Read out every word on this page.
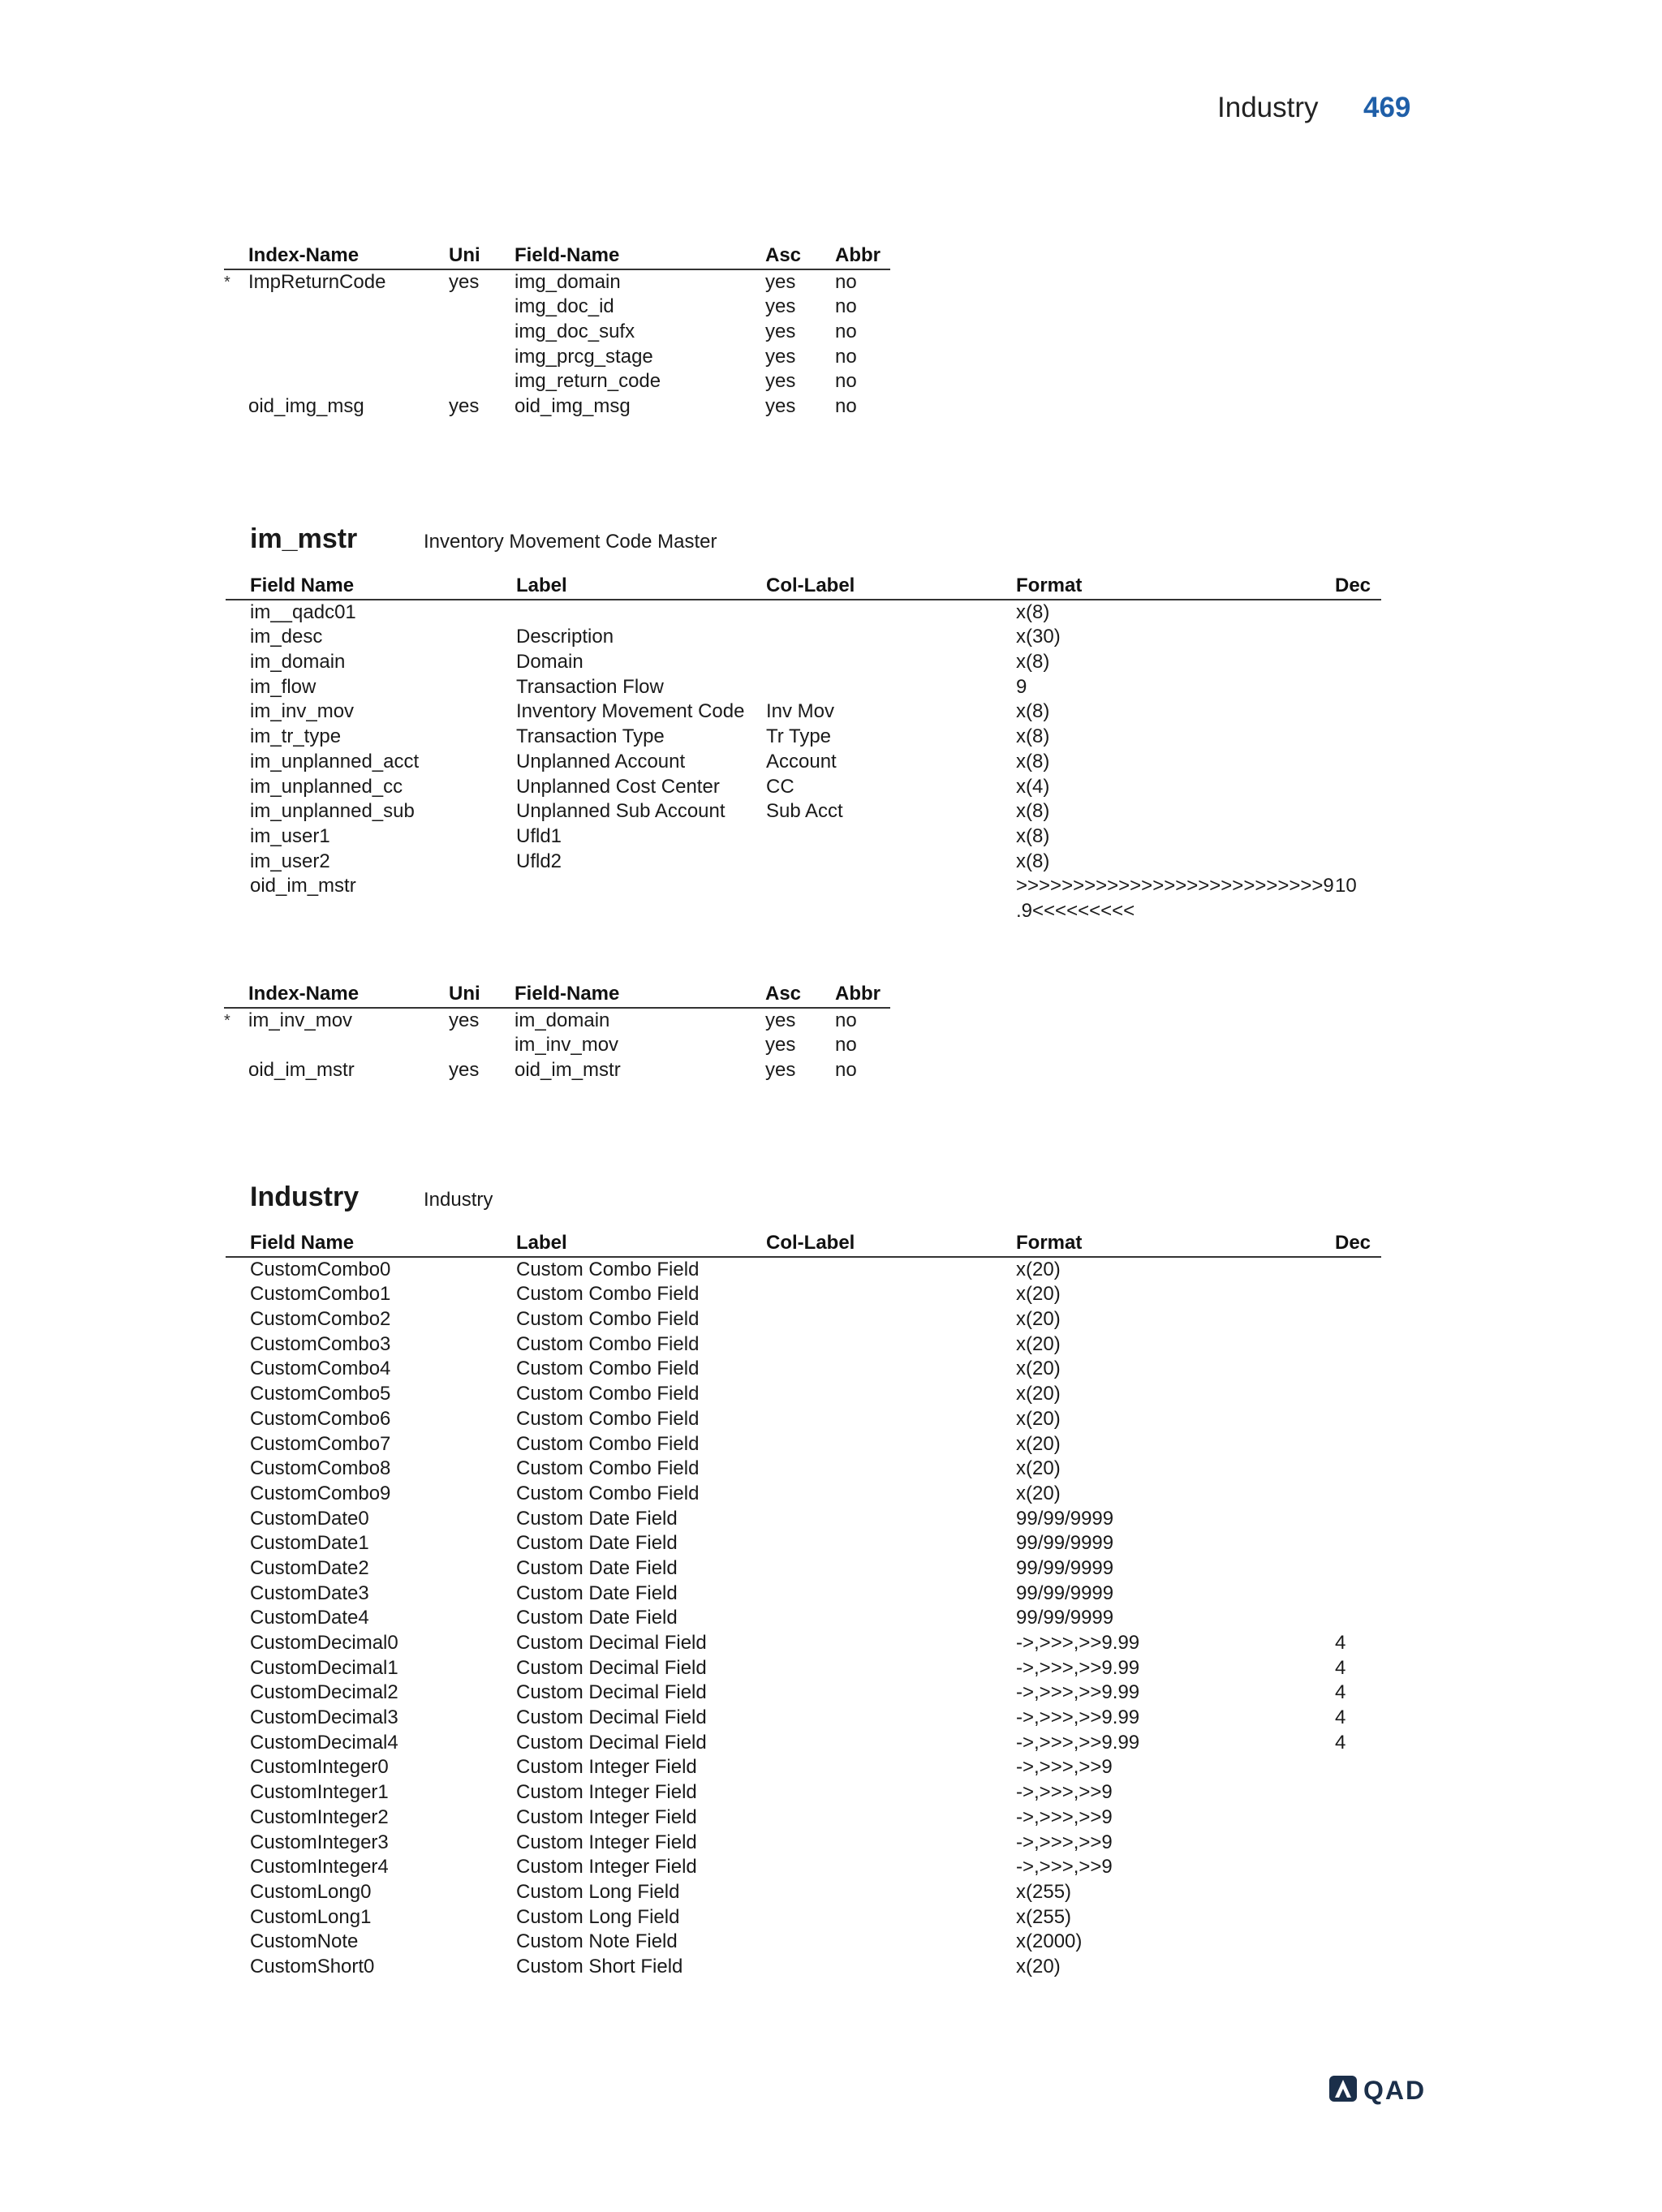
Industry 469
	Index-Name	Uni	Field-Name	Asc	Abbr
*	ImpReturnCode	yes	img_domain	yes	no
			img_doc_id	yes	no
			img_doc_sufx	yes	no
			img_prcg_stage	yes	no
			img_return_code	yes	no
	oid_img_msg	yes	oid_img_msg	yes	no
im_mstr	Inventory Movement Code Master
	Field Name	Label	Col-Label	Format	Dec
	im__qadc01			x(8)	
	im_desc	Description		x(30)	
	im_domain	Domain		x(8)	
	im_flow	Transaction Flow		9	
	im_inv_mov	Inventory Movement Code	Inv Mov	x(8)	
	im_tr_type	Transaction Type	Tr Type	x(8)	
	im_unplanned_acct	Unplanned Account	Account	x(8)	
	im_unplanned_cc	Unplanned Cost Center	CC	x(4)	
	im_unplanned_sub	Unplanned Sub Account	Sub Acct	x(8)	
	im_user1	Ufld1		x(8)	
	im_user2	Ufld2		x(8)	
	oid_im_mstr			>>>>>>>>>>>>>>>>>>>>>>>>>>>9	10
				.9<<<<<<<<<	
	Index-Name	Uni	Field-Name	Asc	Abbr
*	im_inv_mov	yes	im_domain	yes	no
			im_inv_mov	yes	no
	oid_im_mstr	yes	oid_im_mstr	yes	no
Industry	Industry
	Field Name	Label	Col-Label	Format	Dec
	CustomCombo0	Custom Combo Field		x(20)	
	CustomCombo1	Custom Combo Field		x(20)	
	CustomCombo2	Custom Combo Field		x(20)	
	CustomCombo3	Custom Combo Field		x(20)	
	CustomCombo4	Custom Combo Field		x(20)	
	CustomCombo5	Custom Combo Field		x(20)	
	CustomCombo6	Custom Combo Field		x(20)	
	CustomCombo7	Custom Combo Field		x(20)	
	CustomCombo8	Custom Combo Field		x(20)	
	CustomCombo9	Custom Combo Field		x(20)	
	CustomDate0	Custom Date Field		99/99/9999	
	CustomDate1	Custom Date Field		99/99/9999	
	CustomDate2	Custom Date Field		99/99/9999	
	CustomDate3	Custom Date Field		99/99/9999	
	CustomDate4	Custom Date Field		99/99/9999	
	CustomDecimal0	Custom Decimal Field		->,>>>,>>9.99	4
	CustomDecimal1	Custom Decimal Field		->,>>>,>>9.99	4
	CustomDecimal2	Custom Decimal Field		->,>>>,>>9.99	4
	CustomDecimal3	Custom Decimal Field		->,>>>,>>9.99	4
	CustomDecimal4	Custom Decimal Field		->,>>>,>>9.99	4
	CustomInteger0	Custom Integer Field		->,>>>,>>9	
	CustomInteger1	Custom Integer Field		->,>>>,>>9	
	CustomInteger2	Custom Integer Field		->,>>>,>>9	
	CustomInteger3	Custom Integer Field		->,>>>,>>9	
	CustomInteger4	Custom Integer Field		->,>>>,>>9	
	CustomLong0	Custom Long Field		x(255)	
	CustomLong1	Custom Long Field		x(255)	
	CustomNote	Custom Note Field		x(2000)	
	CustomShort0	Custom Short Field		x(20)	
QAD
